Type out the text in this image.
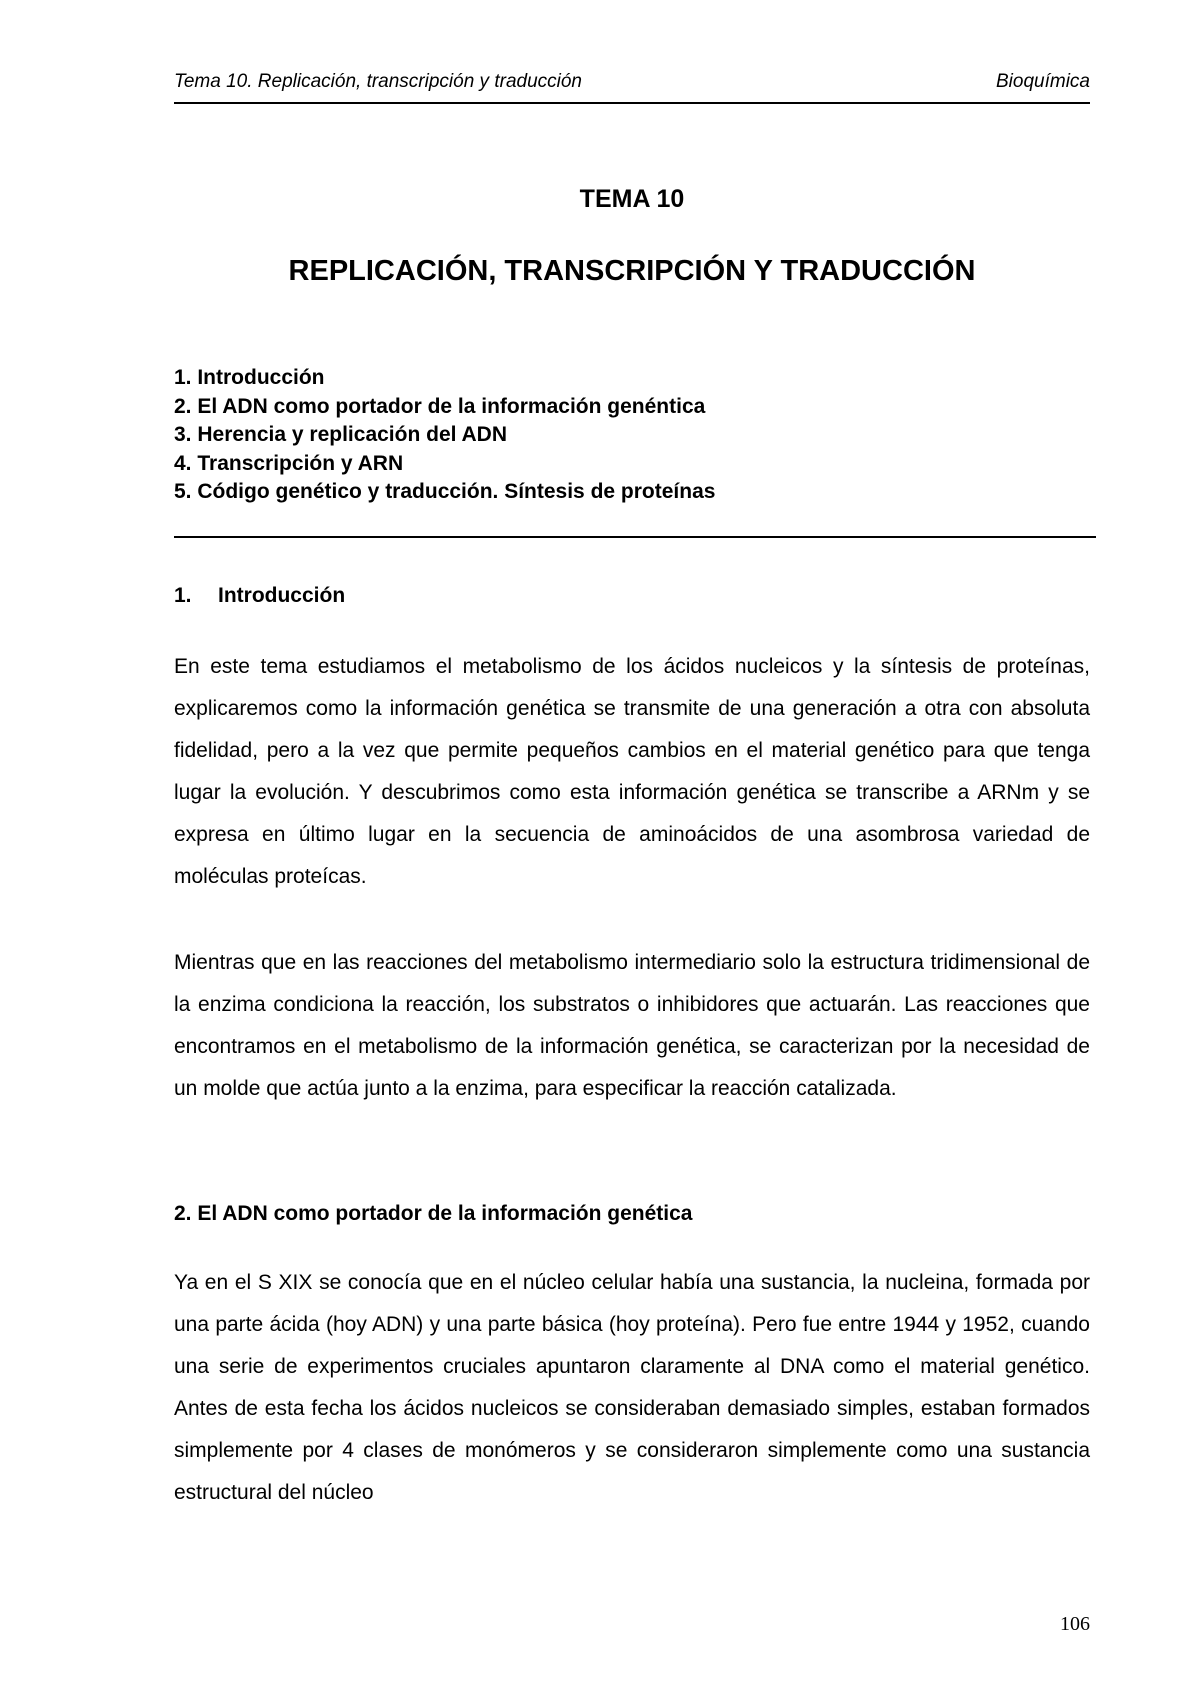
Tema 10. Replicación, transcripción y traducción	Bioquímica
TEMA 10
REPLICACIÓN, TRANSCRIPCIÓN Y TRADUCCIÓN
1. Introducción
2. El ADN como portador de la información genéntica
3. Herencia y replicación del ADN
4. Transcripción y ARN
5. Código genético y traducción. Síntesis de proteínas
1. Introducción

En este tema estudiamos el metabolismo de los ácidos nucleicos y la síntesis de proteínas, explicaremos como la información genética se transmite de una generación a otra con absoluta fidelidad, pero a la vez que permite pequeños cambios en el material genético para que tenga lugar la evolución. Y descubrimos como esta información genética se transcribe a ARNm y se expresa en último lugar en la secuencia de aminoácidos de una asombrosa variedad de moléculas proteícas.

Mientras que en las reacciones del metabolismo intermediario solo la estructura tridimensional de la enzima condiciona la reacción, los substratos o inhibidores que actuarán. Las reacciones que encontramos en el metabolismo de la información genética, se caracterizan por la necesidad de un molde que actúa junto a la enzima, para especificar la reacción catalizada.

2. El ADN como portador de la información genética

Ya en el S XIX se conocía que en el núcleo celular había una sustancia, la nucleina, formada por una parte ácida (hoy ADN) y una parte básica (hoy proteína). Pero fue entre 1944 y 1952, cuando una serie de experimentos cruciales apuntaron claramente al DNA como el material genético. Antes de esta fecha los ácidos nucleicos se consideraban demasiado simples, estaban formados simplemente por 4 clases de monómeros y se consideraron simplemente como una sustancia estructural del núcleo

106
